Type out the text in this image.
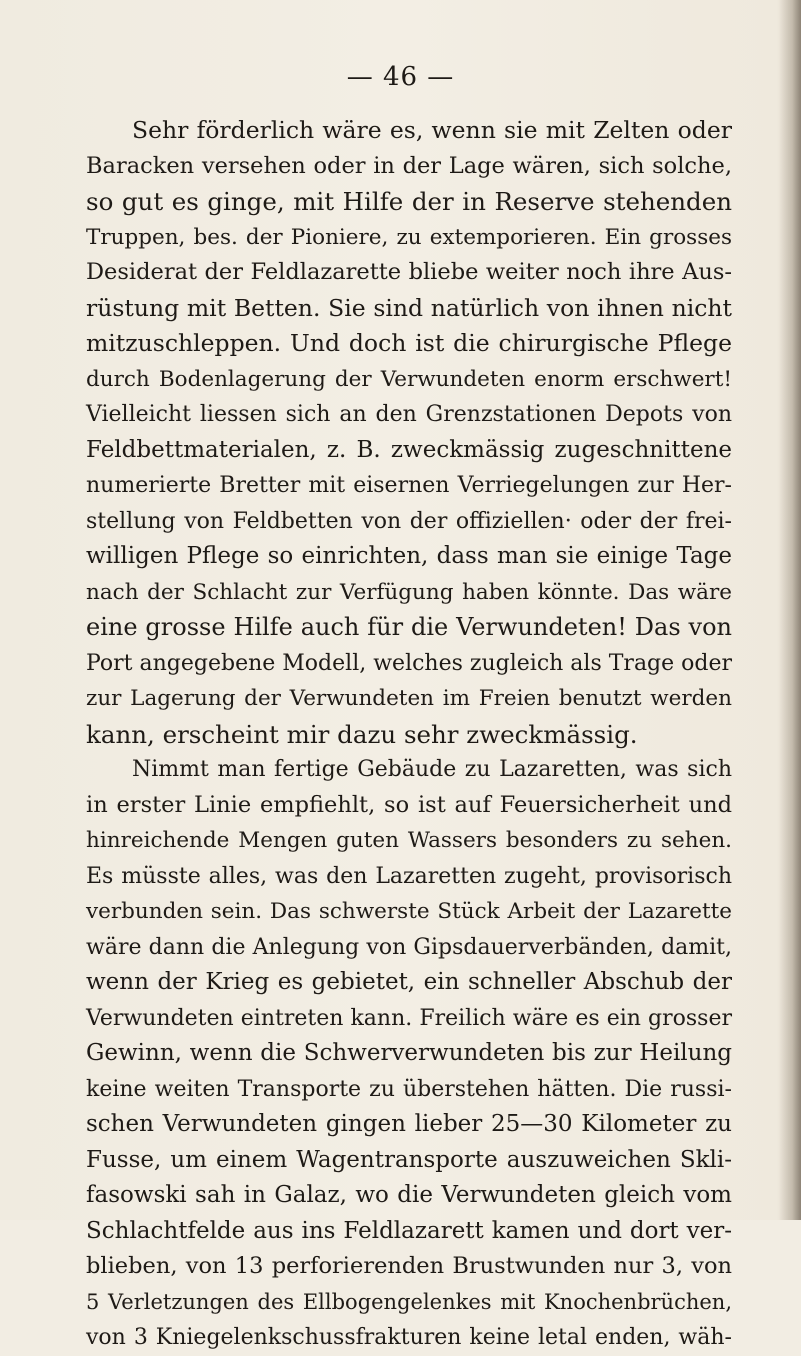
— 46 —
Sehr förderlich wäre es, wenn sie mit Zelten oder
Baracken versehen oder in der Lage wären, sich solche,
so gut es ginge, mit Hilfe der in Reserve stehenden
Truppen, bes. der Pioniere, zu extemporieren. Ein grosses
Desiderat der Feldlazarette bliebe weiter noch ihre Aus-
rüstung mit Betten. Sie sind natürlich von ihnen nicht
mitzuschleppen. Und doch ist die chirurgische Pflege
durch Bodenlagerung der Verwundeten enorm erschwert!
Vielleicht liessen sich an den Grenzstationen Depots von
Feldbettmaterialen, z. B. zweckmässig zugeschnittene
numerierte Bretter mit eisernen Verriegelungen zur Her-
stellung von Feldbetten von der offiziellen· oder der frei-
willigen Pflege so einrichten, dass man sie einige Tage
nach der Schlacht zur Verfügung haben könnte. Das wäre
eine grosse Hilfe auch für die Verwundeten! Das von
Port angegebene Modell, welches zugleich als Trage oder
zur Lagerung der Verwundeten im Freien benutzt werden
kann, erscheint mir dazu sehr zweckmässig.
Nimmt man fertige Gebäude zu Lazaretten, was sich
in erster Linie empfiehlt, so ist auf Feuersicherheit und
hinreichende Mengen guten Wassers besonders zu sehen.
Es müsste alles, was den Lazaretten zugeht, provisorisch
verbunden sein. Das schwerste Stück Arbeit der Lazarette
wäre dann die Anlegung von Gipsdauerverbänden, damit,
wenn der Krieg es gebietet, ein schneller Abschub der
Verwundeten eintreten kann. Freilich wäre es ein grosser
Gewinn, wenn die Schwerverwundeten bis zur Heilung
keine weiten Transporte zu überstehen hätten. Die russi-
schen Verwundeten gingen lieber 25—30 Kilometer zu
Fusse, um einem Wagentransporte auszuweichen Skli-
fasowski sah in Galaz, wo die Verwundeten gleich vom
Schlachtfelde aus ins Feldlazarett kamen und dort ver-
blieben, von 13 perforierenden Brustwunden nur 3, von
5 Verletzungen des Ellbogengelenkes mit Knochenbrüchen,
von 3 Kniegelenkschussfrakturen keine letal enden, wäh-
